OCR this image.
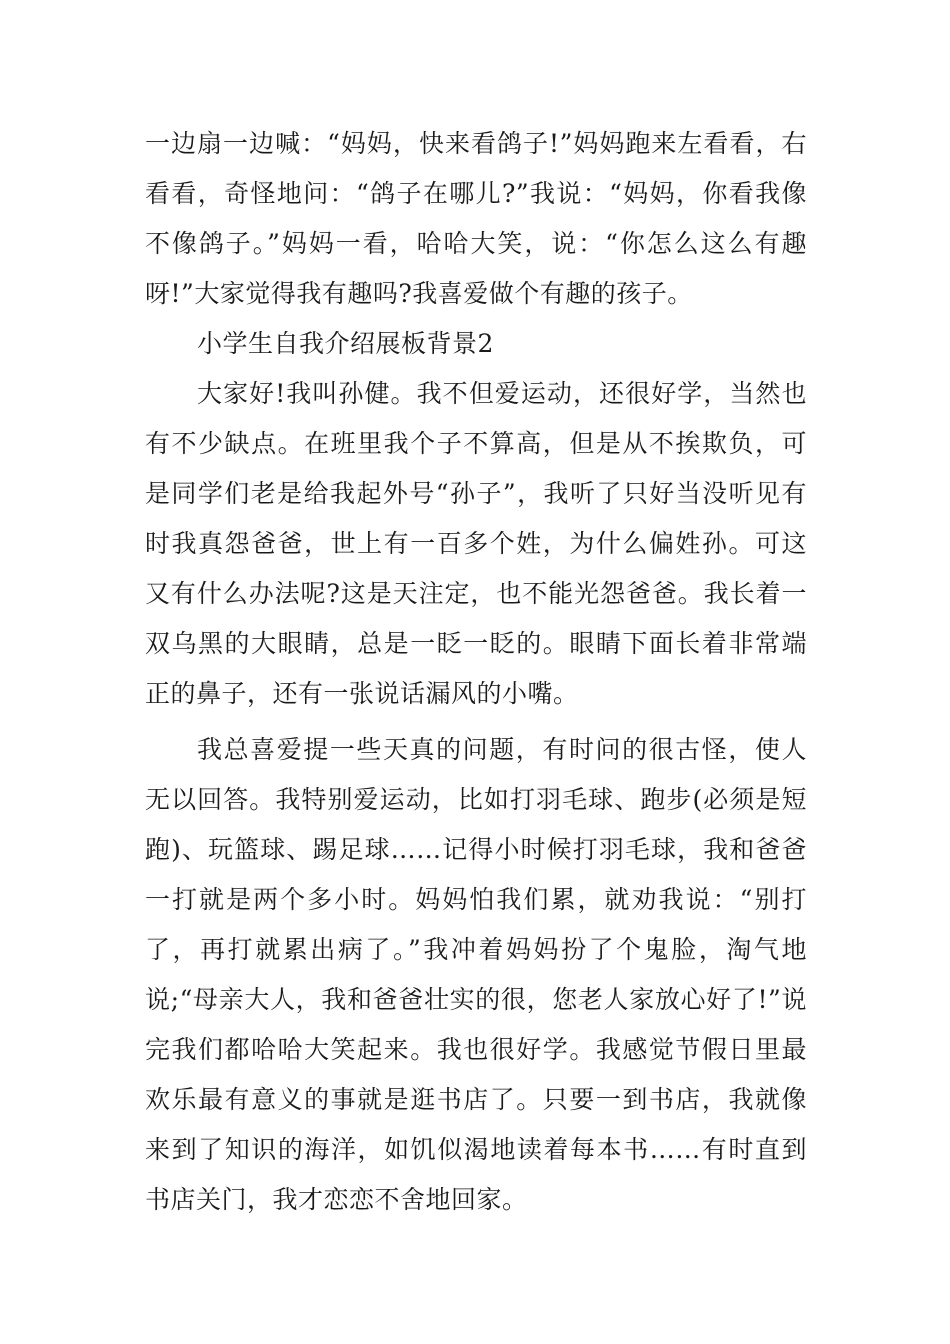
一边扇一边喊：“妈妈，快来看鸽子!”妈妈跑来左看看，右看看，奇怪地问：“鸽子在哪儿?”我说：“妈妈，你看我像不像鸽子。”妈妈一看，哈哈大笑，说：“你怎么这么有趣呀!”大家觉得我有趣吗?我喜爱做个有趣的孩子。

小学生自我介绍展板背景2

大家好!我叫孙健。我不但爱运动，还很好学，当然也有不少缺点。在班里我个子不算高，但是从不挨欺负，可是同学们老是给我起外号“孙子”，我听了只好当没听见有时我真怨爸爸，世上有一百多个姓，为什么偏姓孙。可这又有什么办法呢?这是天注定，也不能光怨爸爸。我长着一双乌黑的大眼睛，总是一眨一眨的。眼睛下面长着非常端正的鼻子，还有一张说话漏风的小嘴。

我总喜爱提一些天真的问题，有时问的很古怪，使人无以回答。我特别爱运动，比如打羽毛球、跑步(必须是短跑)、玩篮球、踢足球……记得小时候打羽毛球，我和爸爸一打就是两个多小时。妈妈怕我们累，就劝我说：“别打了，再打就累出病了。”我冲着妈妈扮了个鬼脸，淘气地说;“母亲大人，我和爸爸壮实的很，您老人家放心好了!”说完我们都哈哈大笑起来。我也很好学。我感觉节假日里最欢乐最有意义的事就是逛书店了。只要一到书店，我就像来到了知识的海洋，如饥似渴地读着每本书……有时直到书店关门，我才恋恋不舍地回家。
